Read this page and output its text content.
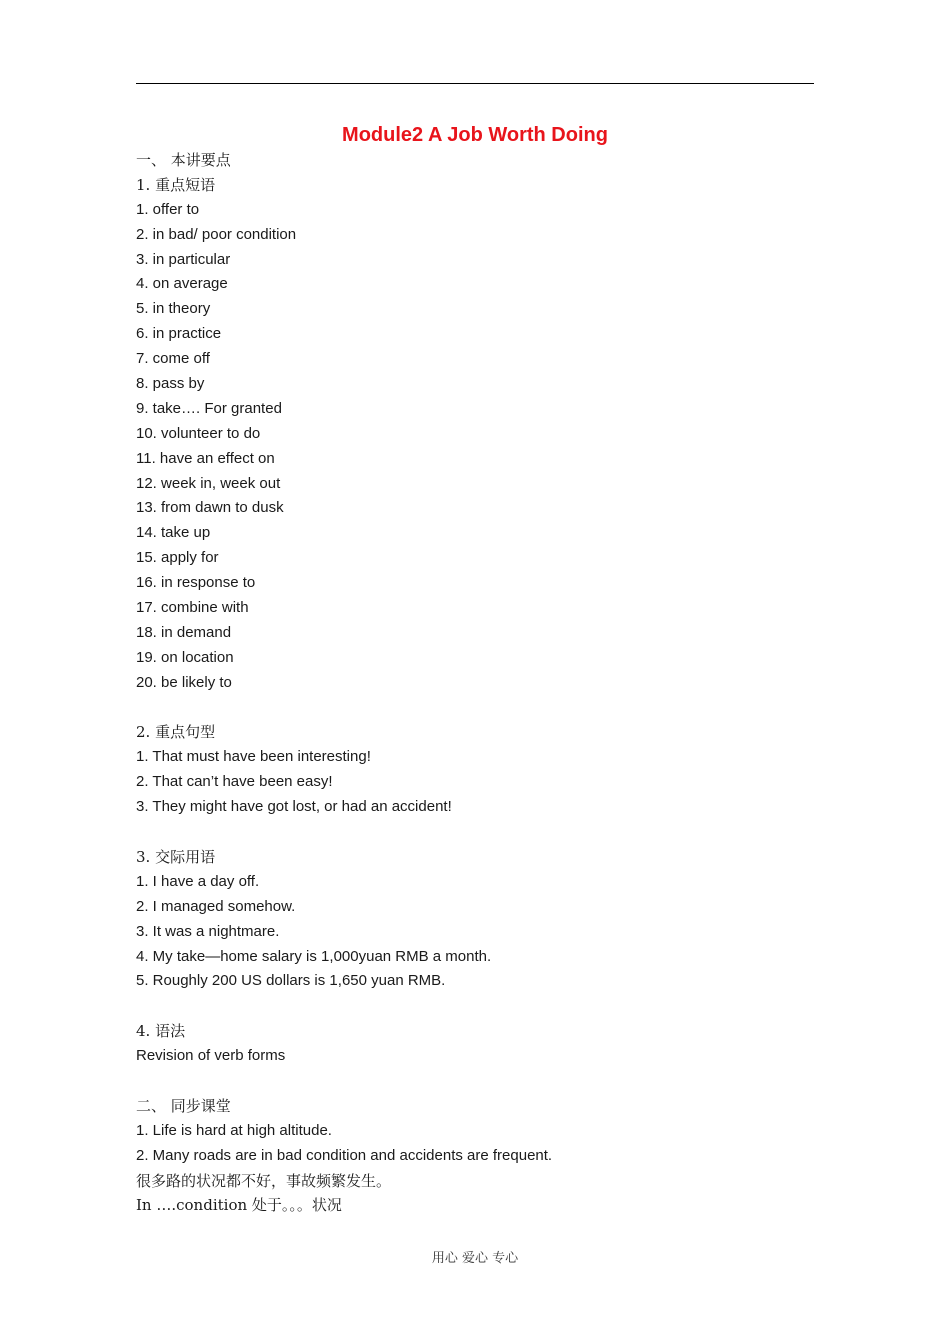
Module2 A Job Worth Doing
一、 本讲要点
1. 重点短语
1. offer to
2. in bad/ poor condition
3. in particular
4. on average
5. in theory
6. in practice
7. come off
8. pass by
9. take…. For granted
10. volunteer to do
11. have an effect on
12. week in, week out
13. from dawn to dusk
14. take up
15. apply for
16. in response to
17. combine with
18. in demand
19. on location
20. be likely to
2. 重点句型
1. That must have been interesting!
2. That can’t have been easy!
3. They might have got lost, or had an accident!
3. 交际用语
1. I have a day off.
2. I managed somehow.
3. It was a nightmare.
4. My take—home salary is 1,000yuan RMB a month.
5. Roughly 200 US dollars is 1,650 yuan RMB.
4. 语法
Revision of verb forms
二、 同步课堂
1. Life is hard at high altitude.
2. Many roads are in bad condition and accidents are frequent.
很多路的状况都不好，事故频繁发生。
In ….condition 处于。。。状况
用心 爱心 专心
